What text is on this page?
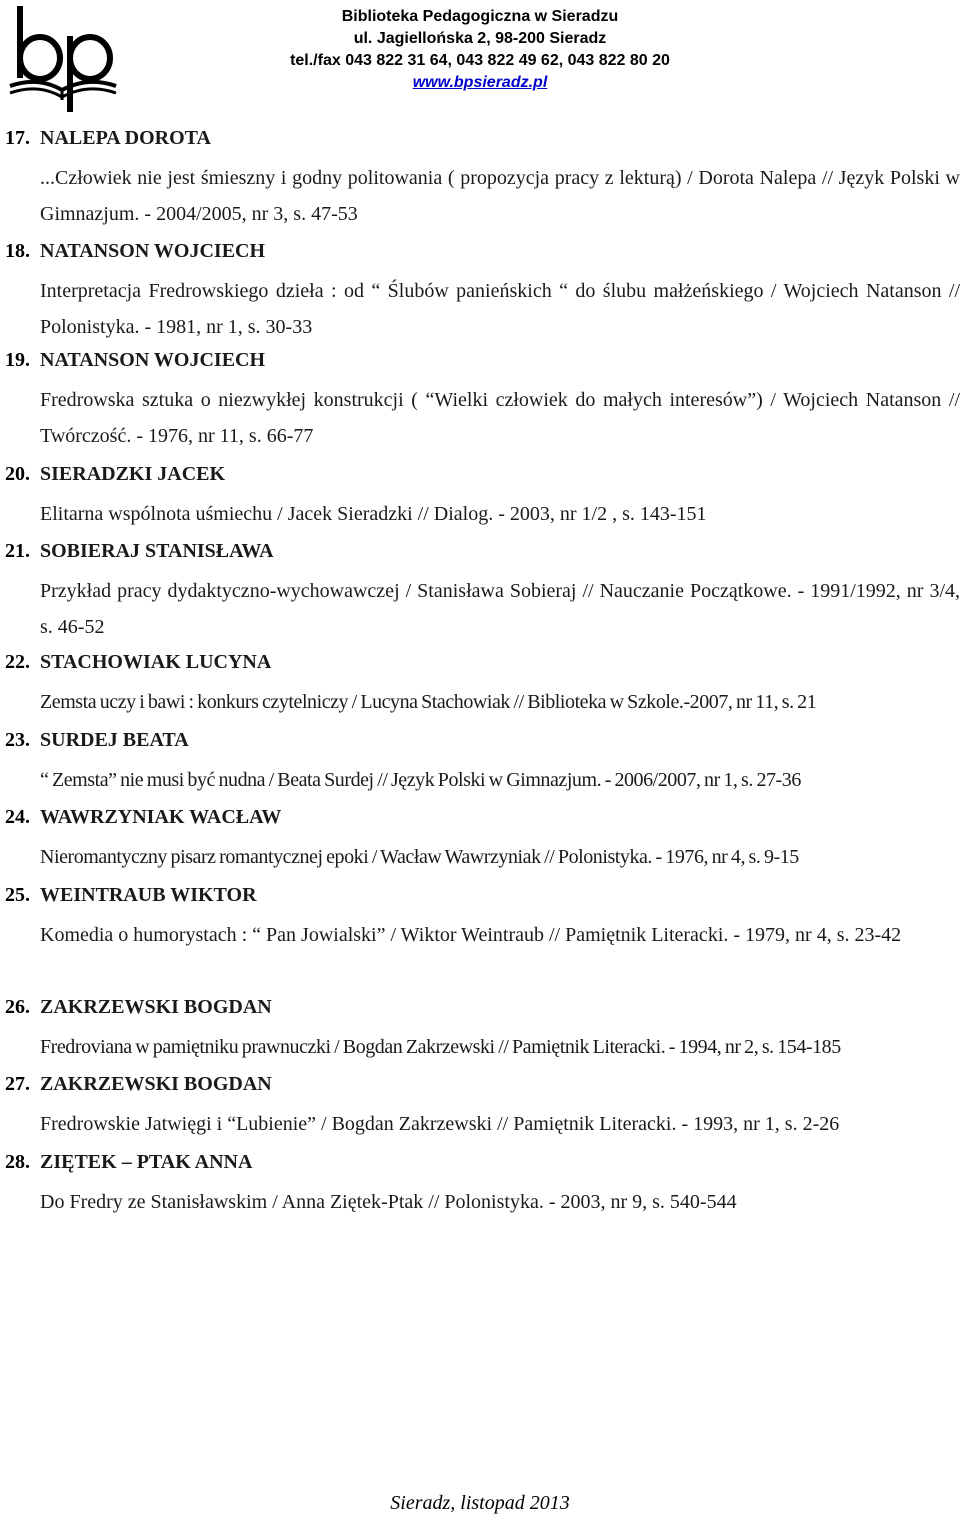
Biblioteka Pedagogiczna w Sieradzu
ul. Jagiellońska 2, 98-200 Sieradz
tel./fax 043 822 31 64, 043 822 49 62, 043 822 80 20
www.bpsieradz.pl
17. NALEPA DOROTA
...Człowiek nie jest śmieszny i godny politowania ( propozycja pracy z lekturą) / Dorota Nalepa // Język Polski w Gimnazjum. - 2004/2005, nr 3, s. 47-53
18. NATANSON WOJCIECH
Interpretacja Fredrowskiego dzieła : od “ Ślubów panieńskich “ do ślubu małżeńskiego / Wojciech Natanson // Polonistyka. - 1981, nr 1, s. 30-33
19. NATANSON WOJCIECH
Fredrowska sztuka o niezwykłej konstrukcji ( “Wielki człowiek do małych interesów”) / Wojciech Natanson // Twórczość. - 1976, nr 11, s. 66-77
20. SIERADZKI JACEK
Elitarna wspólnota uśmiechu / Jacek Sieradzki // Dialog. - 2003, nr 1/2 , s. 143-151
21. SOBIERAJ STANISŁAWA
Przykład pracy dydaktyczno-wychowawczej / Stanisława Sobieraj // Nauczanie Początkowe. - 1991/1992, nr 3/4, s. 46-52
22. STACHOWIAK LUCYNA
Zemsta uczy i bawi : konkurs czytelniczy / Lucyna Stachowiak // Biblioteka w Szkole.-2007, nr 11, s. 21
23. SURDEJ BEATA
“ Zemsta” nie musi być nudna / Beata Surdej // Język Polski w Gimnazjum. - 2006/2007, nr 1, s. 27-36
24. WAWRZYNIAK WACŁAW
Nieromantyczny pisarz romantycznej epoki / Wacław Wawrzyniak // Polonistyka. - 1976, nr 4, s. 9-15
25. WEINTRAUB WIKTOR
Komedia o humorystach : “ Pan Jowialski” / Wiktor Weintraub // Pamiętnik Literacki. - 1979, nr 4, s. 23-42
26. ZAKRZEWSKI BOGDAN
Fredroviana w pamiętniku prawnuczki / Bogdan Zakrzewski // Pamiętnik Literacki. - 1994, nr 2, s. 154-185
27. ZAKRZEWSKI BOGDAN
Fredrowskie Jatwięgi i “Lubienie” / Bogdan Zakrzewski // Pamiętnik Literacki. - 1993, nr 1, s. 2-26
28. ZIĘTEK – PTAK ANNA
Do Fredry ze Stanisławskim / Anna Ziętek-Ptak // Polonistyka. - 2003, nr 9, s. 540-544
Sieradz, listopad 2013
